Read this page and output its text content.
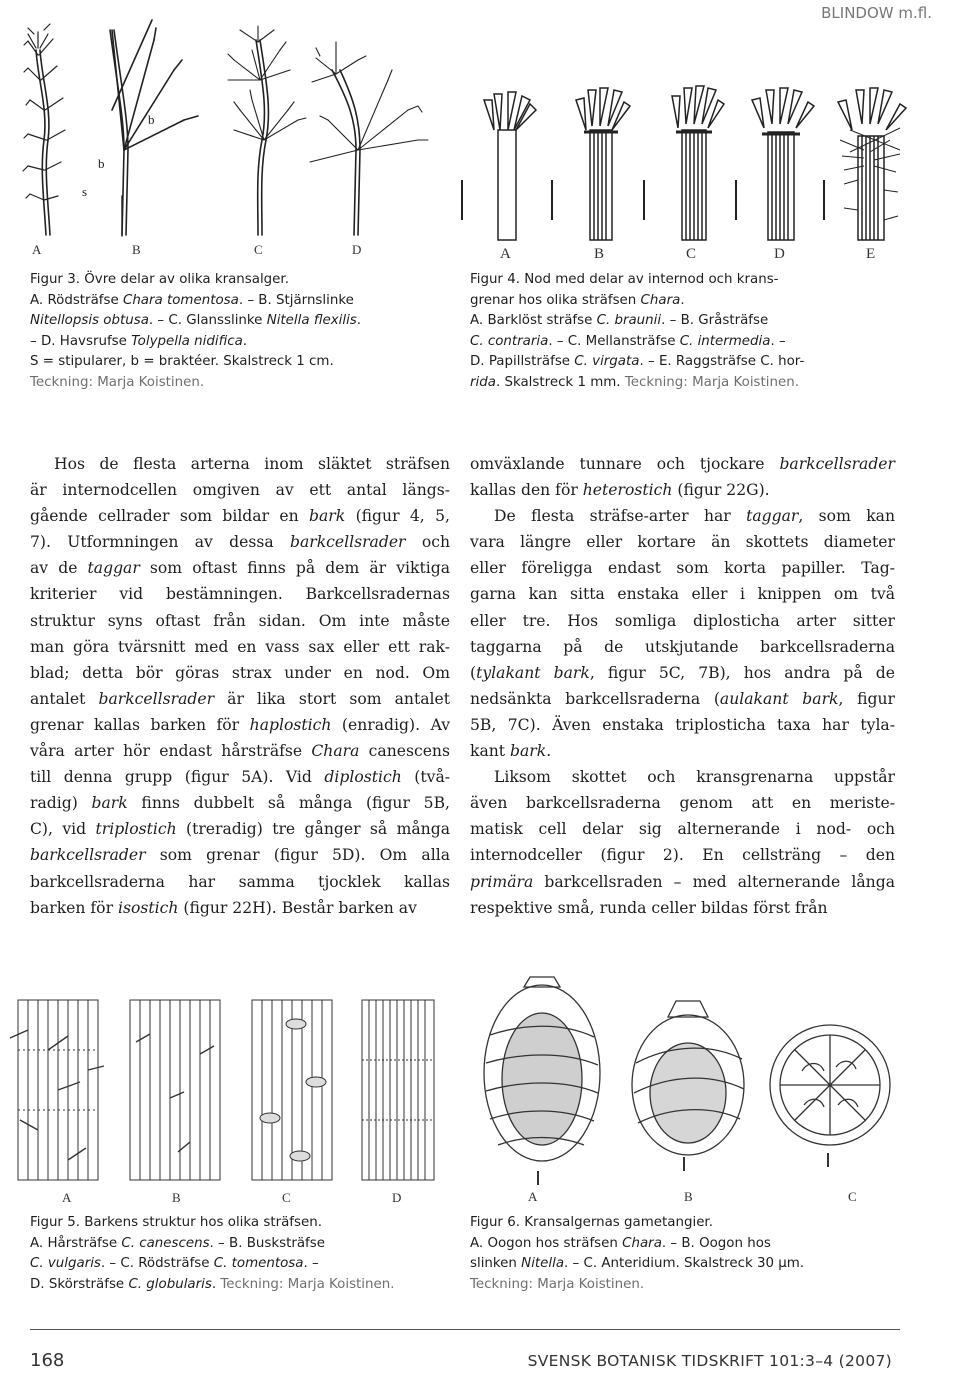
BLINDOW m.fl.
A	B	C	D
b
b
s
Figur 3. Övre delar av olika kransalger.
A. Rödsträfse Chara tomentosa. – B. Stjärnslinke
Nitellopsis obtusa. – C. Glansslinke Nitella flexilis.
– D. Havsrufse Tolypella nidifica.
S = stipularer, b = braktéer. Skalstreck 1 cm.
Teckning: Marja Koistinen.
A	B	C	D	E
Figur 4. Nod med delar av internod och krans-
grenar hos olika sträfsen Chara.
A. Barklöst sträfse C. braunii. – B. Gråsträfse
C. contraria. – C. Mellansträfse C. intermedia. –
D. Papillsträfse C. virgata. – E. Raggsträfse C. hor-
rida. Skalstreck 1 mm. Teckning: Marja Koistinen.
Hos de flesta arterna inom släktet sträfsen
är internodcellen omgiven av ett antal längs-
gående cellrader som bildar en bark (figur 4, 5,
7). Utformningen av dessa barkcellsrader och
av de taggar som oftast finns på dem är viktiga
kriterier vid bestämningen. Barkcellsradernas
struktur syns oftast från sidan. Om inte måste
man göra tvärsnitt med en vass sax eller ett rak-
blad; detta bör göras strax under en nod. Om
antalet barkcellsrader är lika stort som antalet
grenar kallas barken för haplostich (enradig). Av
våra arter hör endast hårsträfse Chara canescens
till denna grupp (figur 5A). Vid diplostich (två-
radig) bark finns dubbelt så många (figur 5B,
C), vid triplostich (treradig) tre gånger så många
barkcellsrader som grenar (figur 5D). Om alla
barkcellsraderna har samma tjocklek kallas
barken för isostich (figur 22H). Består barken av
omväxlande tunnare och tjockare barkcellsrader
kallas den för heterostich (figur 22G).
De flesta sträfse-arter har taggar, som kan
vara längre eller kortare än skottets diameter
eller föreligga endast som korta papiller. Tag-
garna kan sitta enstaka eller i knippen om två
eller tre. Hos somliga diplosticha arter sitter
taggarna på de utskjutande barkcellsraderna
(tylakant bark, figur 5C, 7B), hos andra på de
nedsänkta barkcellsraderna (aulakant bark, figur
5B, 7C). Även enstaka triplosticha taxa har tyla-
kant bark.
Liksom skottet och kransgrenarna uppstår
även barkcellsraderna genom att en meriste-
matisk cell delar sig alternerande i nod- och
internodceller (figur 2). En cellsträng – den
primära barkcellsraden – med alternerande långa
respektive små, runda celler bildas först från
A	B	C	D
Figur 5. Barkens struktur hos olika sträfsen.
A. Hårsträfse C. canescens. – B. Busksträfse
C. vulgaris. – C. Rödsträfse C. tomentosa. –
D. Skörsträfse C. globularis. Teckning: Marja Koistinen.
A	B	C
Figur 6. Kransalgernas gametangier.
A. Oogon hos sträfsen Chara. – B. Oogon hos
slinken Nitella. – C. Anteridium. Skalstreck 30 µm.
Teckning: Marja Koistinen.
168	SVENSK BOTANISK TIDSKRIFT 101:3–4 (2007)
